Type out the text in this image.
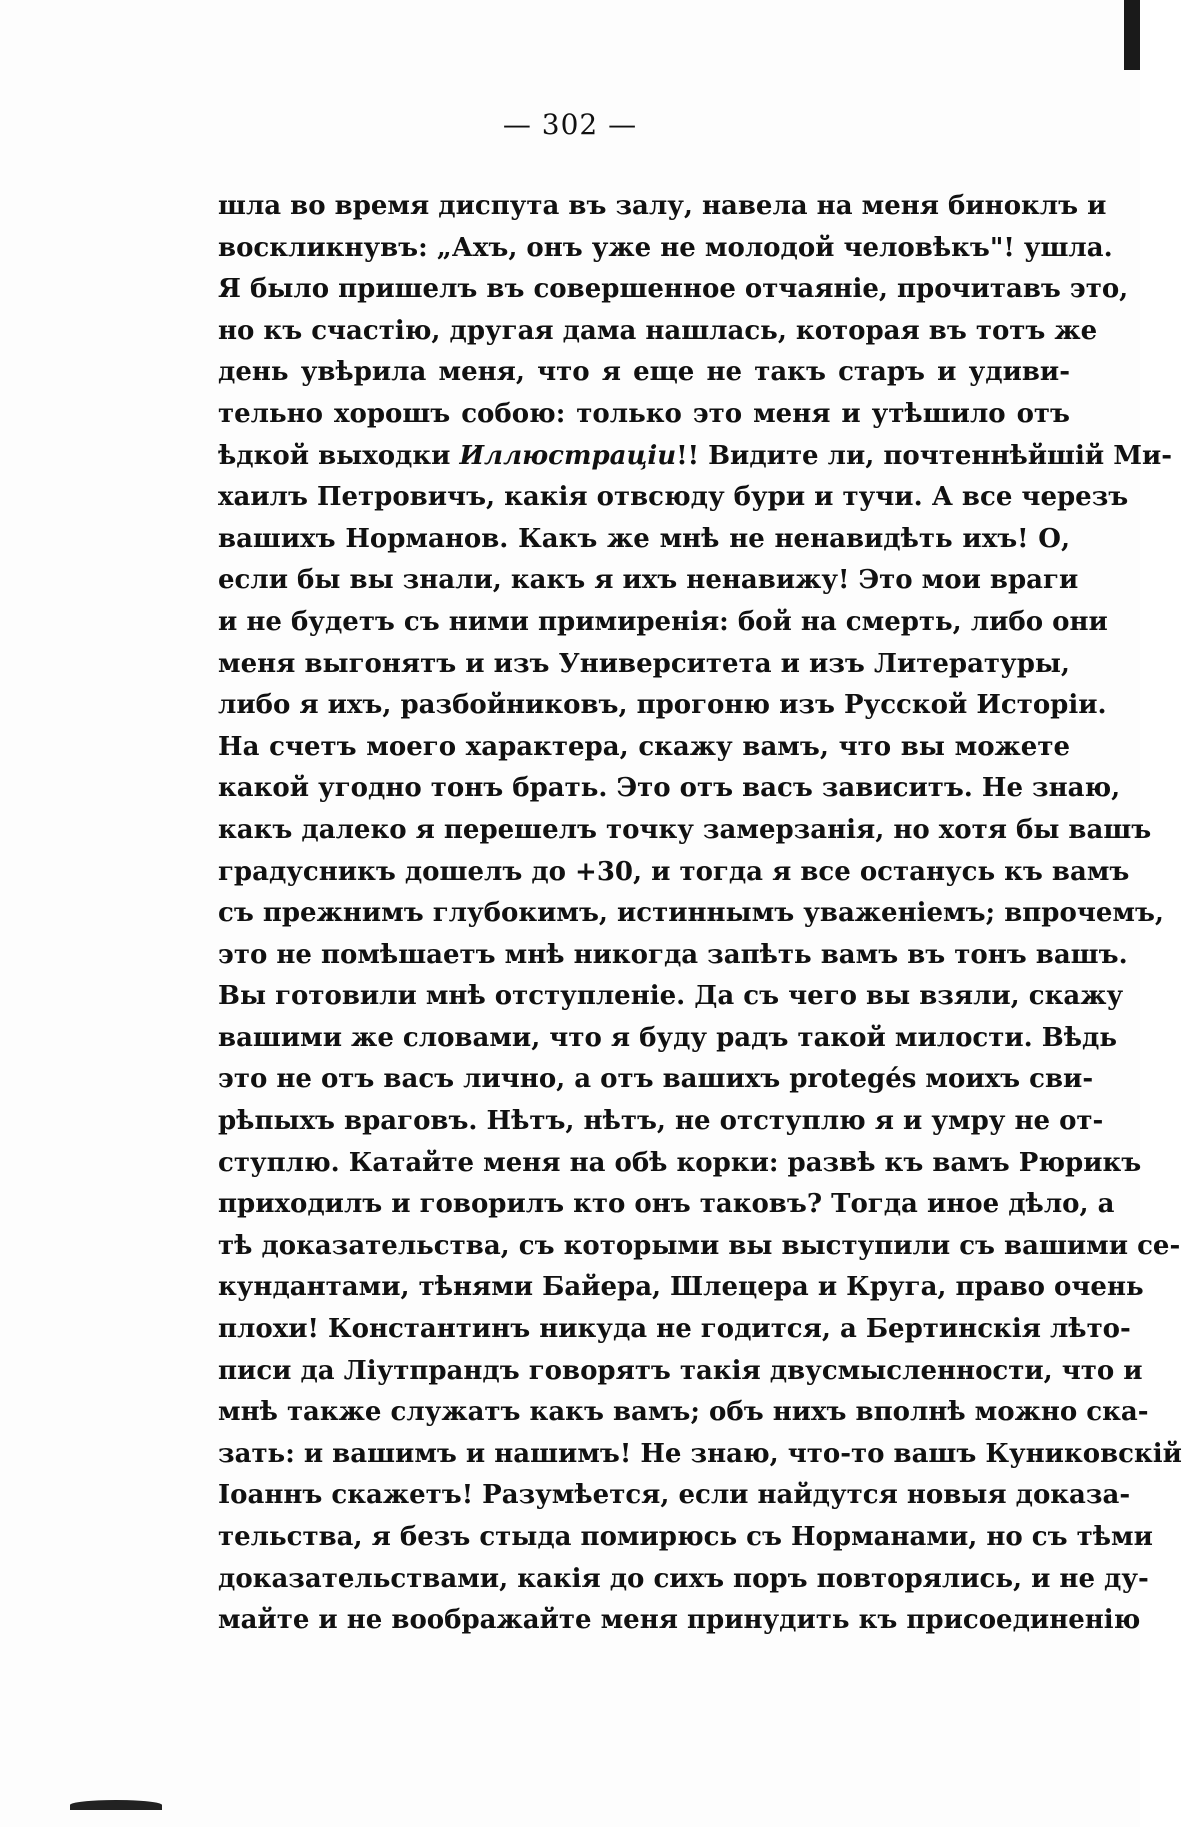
— 302 —
шла во время диспута въ залу, навела на меня биноклъ и
воскликнувъ: „Ахъ, онъ уже не молодой человѣкъ"! ушла.
Я было пришелъ въ совершенное отчаяніе, прочитавъ это,
но къ счастію, другая дама нашлась, которая въ тотъ же
день увѣрила меня, что я еще не такъ старъ и удиви-
тельно хорошъ собою: только это меня и утѣшило отъ
ѣдкой выходки Иллюстраціи!! Видите ли, почтеннѣйшій Ми-
хаилъ Петровичъ, какія отвсюду бури и тучи. А все черезъ
вашихъ Норманов. Какъ же мнѣ не ненавидѣть ихъ! О,
если бы вы знали, какъ я ихъ ненавижу! Это мои враги
и не будетъ съ ними примиренія: бой на смерть, либо они
меня выгонятъ и изъ Университета и изъ Литературы,
либо я ихъ, разбойниковъ, прогоню изъ Русской Исторіи.
На счетъ моего характера, скажу вамъ, что вы можете
какой угодно тонъ брать. Это отъ васъ зависитъ. Не знаю,
какъ далеко я перешелъ точку замерзанія, но хотя бы вашъ
градусникъ дошелъ до +30, и тогда я все останусь къ вамъ
съ прежнимъ глубокимъ, истиннымъ уваженіемъ; впрочемъ,
это не помѣшаетъ мнѣ никогда запѣть вамъ въ тонъ вашъ.
Вы готовили мнѣ отступленіе. Да съ чего вы взяли, скажу
вашими же словами, что я буду радъ такой милости. Вѣдь
это не отъ васъ лично, а отъ вашихъ protegés моихъ сви-
рѣпыхъ враговъ. Нѣтъ, нѣтъ, не отступлю я и умру не от-
ступлю. Катайте меня на обѣ корки: развѣ къ вамъ Рюрикъ
приходилъ и говорилъ кто онъ таковъ? Тогда иное дѣло, а
тѣ доказательства, съ которыми вы выступили съ вашими се-
кундантами, тѣнями Байера, Шлецера и Круга, право очень
плохи! Константинъ никуда не годится, а Бертинскія лѣто-
писи да Ліутпрандъ говорятъ такія двусмысленности, что и
мнѣ также служатъ какъ вамъ; объ нихъ вполнѣ можно ска-
зать: и вашимъ и нашимъ! Не знаю, что-то вашъ Куниковскій
Іоаннъ скажетъ! Разумѣется, если найдутся новыя доказа-
тельства, я безъ стыда помирюсь съ Норманами, но съ тѣми
доказательствами, какія до сихъ поръ повторялись, и не ду-
майте и не воображайте меня принудить къ присоединенію
